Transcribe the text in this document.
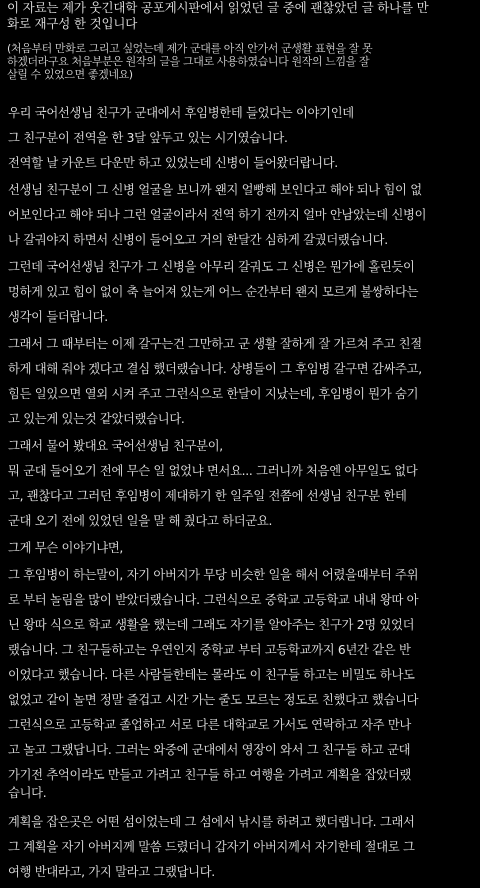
이 자료는 제가 웃긴대학 공포게시판에서 읽었던 글 중에 괜찮았던 글 하나를 만
화로 재구성 한 것입니다
(처음부터 만화로 그리고 싶었는데 제가 군대를 아직 안가서 군생활 표현을 잘 못
하겠더라구요 처음부분은 원작의 글을 그대로 사용하였습니다 원작의 느낌을 잘
살릴 수 있었으면 좋겠네요)
우리 국어선생님 친구가 군대에서 후임병한테 들었다는 이야기인데
그 친구분이 전역을 한 3달 앞두고 있는 시기였습니다.
전역할 날 카운트 다운만 하고 있었는데 신병이 들어왔더랍니다.
선생님 친구분이 그 신병 얼굴을 보니까 왠지 얼빵해 보인다고 해야 되나 힘이 없
어보인다고 해야 되나 그런 얼굴이라서 전역 하기 전까지 얼마 안남았는데 신병이
나 갈궈야지 하면서 신병이 들어오고 거의 한달간 심하게 갈궜더랬습니다.
그런데 국어선생님 친구가 그 신병을 아무리 갈궈도 그 신병은 뭔가에 홀린듯이
멍하게 있고 힘이 없이 축 늘어져 있는게 어느 순간부터 왠지 모르게 불쌍하다는
생각이 들더랍니다.
그래서 그 때부터는 이제 갈구는건 그만하고 군 생활 잘하게 잘 가르쳐 주고 친절
하게 대해 줘야 겠다고 결심 했더랬습니다. 상병들이 그 후임병 갈구면 감싸주고,
힘든 일있으면 열외 시켜 주고 그런식으로 한달이 지났는데, 후임병이 뭔가 숨기
고 있는게 있는것 같았더랬습니다.
그래서 물어 봤대요 국어선생님 친구분이,
뭐 군대 들어오기 전에 무슨 일 없었냐 면서요... 그러니까 처음엔 아무일도 없다
고, 괜찮다고 그러던 후임병이 제대하기 한 일주일 전쯤에 선생님 친구분 한테
군대 오기 전에 있었던 일을 말 해 줬다고 하더군요.
그게 무슨 이야기냐면,
그 후임병이 하는말이, 자기 아버지가 무당 비슷한 일을 해서 어렸을때부터 주위
로 부터 놀림을 많이 받았더랬습니다. 그런식으로 중학교 고등학교 내내 왕따 아
닌 왕따 식으로 학교 생활을 했는데 그래도 자기를 알아주는 친구가 2명 있었더
랬습니다. 그 친구들하고는 우연인지 중학교 부터 고등학교까지 6년간 같은 반
이었다고 했습니다. 다른 사람들한테는 몰라도 이 친구들 하고는 비밀도 하나도
없었고 같이 놀면 정말 즐겁고 시간 가는 줄도 모르는 정도로 친했다고 했습니다
그런식으로 고등학교 졸업하고 서로 다른 대학교로 가서도 연락하고 자주 만나
고 놀고 그랬답니다. 그러는 와중에 군대에서 영장이 와서 그 친구들 하고 군대
가기전 추억이라도 만들고 가려고 친구들 하고 여행을 가려고 계획을 잡았더랬
습니다.
계획을 잡은곳은 어떤 섬이었는데 그 섬에서 낚시를 하려고 했더랩니다. 그래서
그 계획을 자기 아버지께 말씀 드렸더니 갑자기 아버지께서 자기한테 절대로 그
여행 반대라고, 가지 말라고 그랬답니다.
